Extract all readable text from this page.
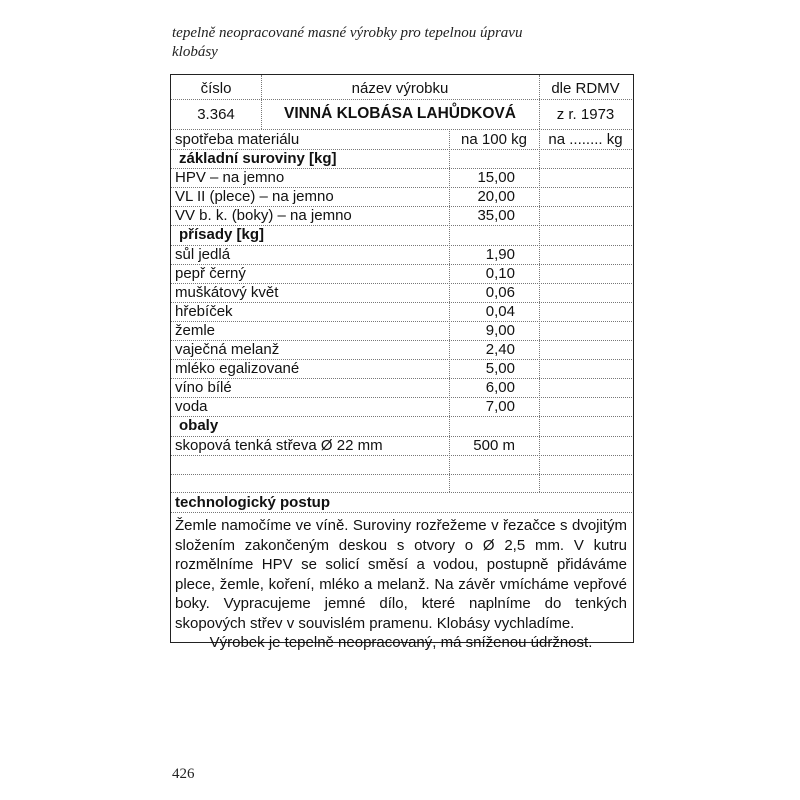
tepelně neopracované masné výrobky pro tepelnou úpravu
klobásy
číslo	název výrobku	dle RDMV
3.364	VINNÁ KLOBÁSA LAHŮDKOVÁ	z r. 1973
spotřeba materiálu	na 100 kg	na ........ kg
základní suroviny [kg]
HPV – na jemno	15,00
VL II (plece) – na jemno	20,00
VV b. k. (boky) – na jemno	35,00
přísady [kg]
sůl jedlá	1,90
pepř černý	0,10
muškátový květ	0,06
hřebíček	0,04
žemle	9,00
vaječná melanž	2,40
mléko egalizované	5,00
víno bílé	6,00
voda	7,00
obaly
skopová tenká střeva Ø 22 mm	500 m
technologický postup
Žemle namočíme ve víně. Suroviny rozřežeme v řezačce s dvojitým složením zakončeným deskou s otvory o Ø 2,5 mm. V kutru rozmělníme HPV se solicí směsí a vodou, postupně přidáváme plece, žemle, koření, mléko a melanž. Na závěr vmícháme vepřové boky. Vypracujeme jemné dílo, které naplníme do tenkých skopových střev v souvislém pramenu. Klobásy vychladíme.
Výrobek je tepelně neopracovaný, má sníženou údržnost.
426
